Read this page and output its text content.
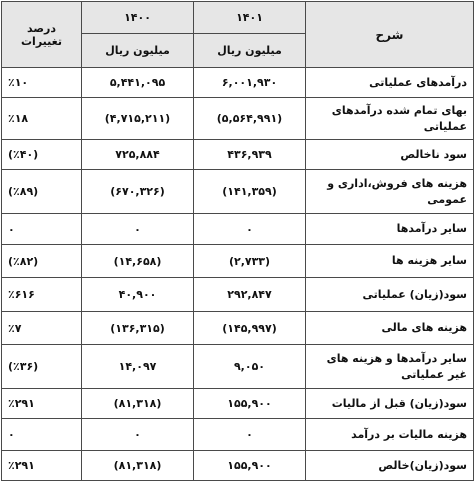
شرح	۱۴۰۱	۱۴۰۰	درصد تغییرات
	میلیون ریال	میلیون ریال	
درآمدهای عملیاتی	۶,۰۰۱,۹۳۰	۵,۴۴۱,۰۹۵	٪۱۰
بهای تمام شده درآمدهای عملیاتی	(۵,۵۶۴,۹۹۱)	(۴,۷۱۵,۲۱۱)	٪۱۸
سود ناخالص	۴۳۶,۹۳۹	۷۲۵,۸۸۴	(٪۴۰)
هزینه های فروش،اداری و عمومی	(۱۴۱,۳۵۹)	(۶۷۰,۳۲۶)	(٪۸۹)
سایر درآمدها	۰	۰	۰
سایر هزینه ها	(۲,۷۳۳)	(۱۴,۶۵۸)	(٪۸۲)
سود(زیان) عملیاتی	۲۹۲,۸۴۷	۴۰,۹۰۰	٪۶۱۶
هزینه های مالی	(۱۴۵,۹۹۷)	(۱۳۶,۳۱۵)	٪۷
سایر درآمدها و هزینه های غیر عملیاتی	۹,۰۵۰	۱۴,۰۹۷	(٪۳۶)
سود(زیان) قبل از مالیات	۱۵۵,۹۰۰	(۸۱,۳۱۸)	٪۲۹۱
هزینه مالیات بر درآمد	۰	۰	۰
سود(زیان)خالص	۱۵۵,۹۰۰	(۸۱,۳۱۸)	٪۲۹۱
